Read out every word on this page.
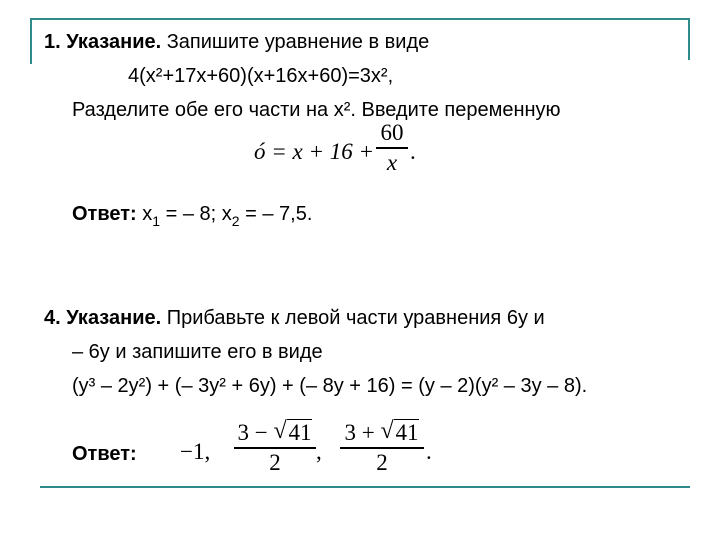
1. Указание. Запишите уравнение в виде
4(x²+17x+60)(x+16x+60)=3x²,
Разделите обе его части на x². Введите переменную
ó = x + 16 +
60
x .
Ответ: $x_1$ = – 8; $x_2$ = – 7,5.
4. Указание. Прибавьте к левой части уравнения 6y и
– 6y и запишите его в виде
(y³ – 2y²) + (– 3y² + 6y) + (– 8y + 16) = (y – 2)(y² – 3y – 8).
Ответ: −1,
3 − √ 41
2	,
3 + √ 41
2	.
